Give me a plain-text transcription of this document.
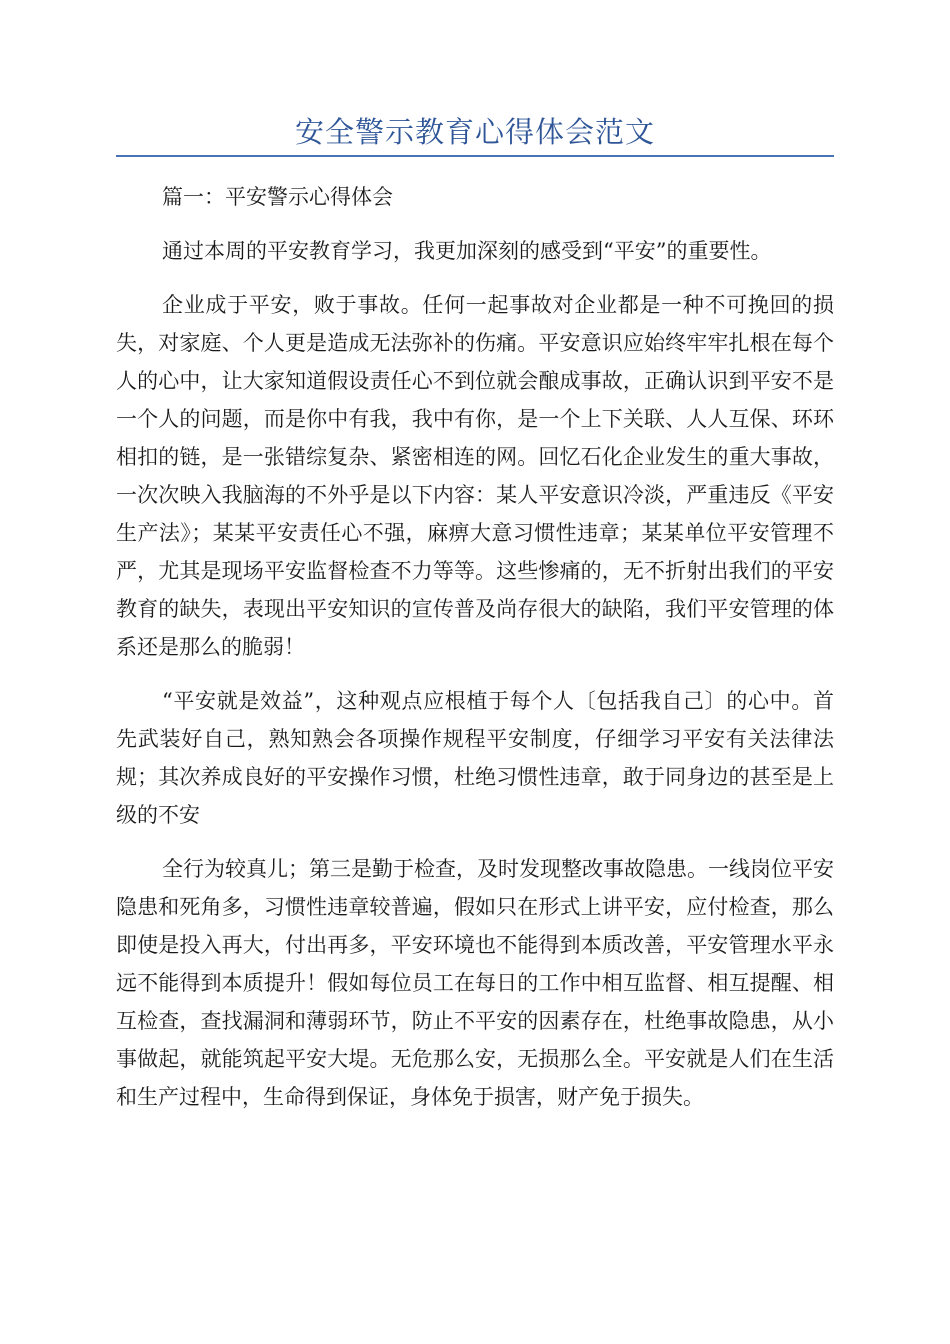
安全警示教育心得体会范文

篇一：平安警示心得体会

通过本周的平安教育学习，我更加深刻的感受到“平安”的重要性。

企业成于平安，败于事故。任何一起事故对企业都是一种不可挽回的损失，对家庭、个人更是造成无法弥补的伤痛。平安意识应始终牢牢扎根在每个人的心中，让大家知道假设责任心不到位就会酿成事故，正确认识到平安不是一个人的问题，而是你中有我，我中有你，是一个上下关联、人人互保、环环相扣的链，是一张错综复杂、紧密相连的网。回忆石化企业发生的重大事故，一次次映入我脑海的不外乎是以下内容：某人平安意识冷淡，严重违反《平安生产法》；某某平安责任心不强，麻痹大意习惯性违章；某某单位平安管理不严，尤其是现场平安监督检查不力等等。这些惨痛的，无不折射出我们的平安教育的缺失，表现出平安知识的宣传普及尚存很大的缺陷，我们平安管理的体系还是那么的脆弱！

“平安就是效益”，这种观点应根植于每个人〔包括我自己〕的心中。首先武装好自己，熟知熟会各项操作规程平安制度，仔细学习平安有关法律法规；其次养成良好的平安操作习惯，杜绝习惯性违章，敢于同身边的甚至是上级的不安

全行为较真儿；第三是勤于检查，及时发现整改事故隐患。一线岗位平安隐患和死角多，习惯性违章较普遍，假如只在形式上讲平安，应付检查，那么即使是投入再大，付出再多，平安环境也不能得到本质改善，平安管理水平永远不能得到本质提升！假如每位员工在每日的工作中相互监督、相互提醒、相互检查，查找漏洞和薄弱环节，防止不平安的因素存在，杜绝事故隐患，从小事做起，就能筑起平安大堤。无危那么安，无损那么全。平安就是人们在生活和生产过程中，生命得到保证，身体免于损害，财产免于损失。
